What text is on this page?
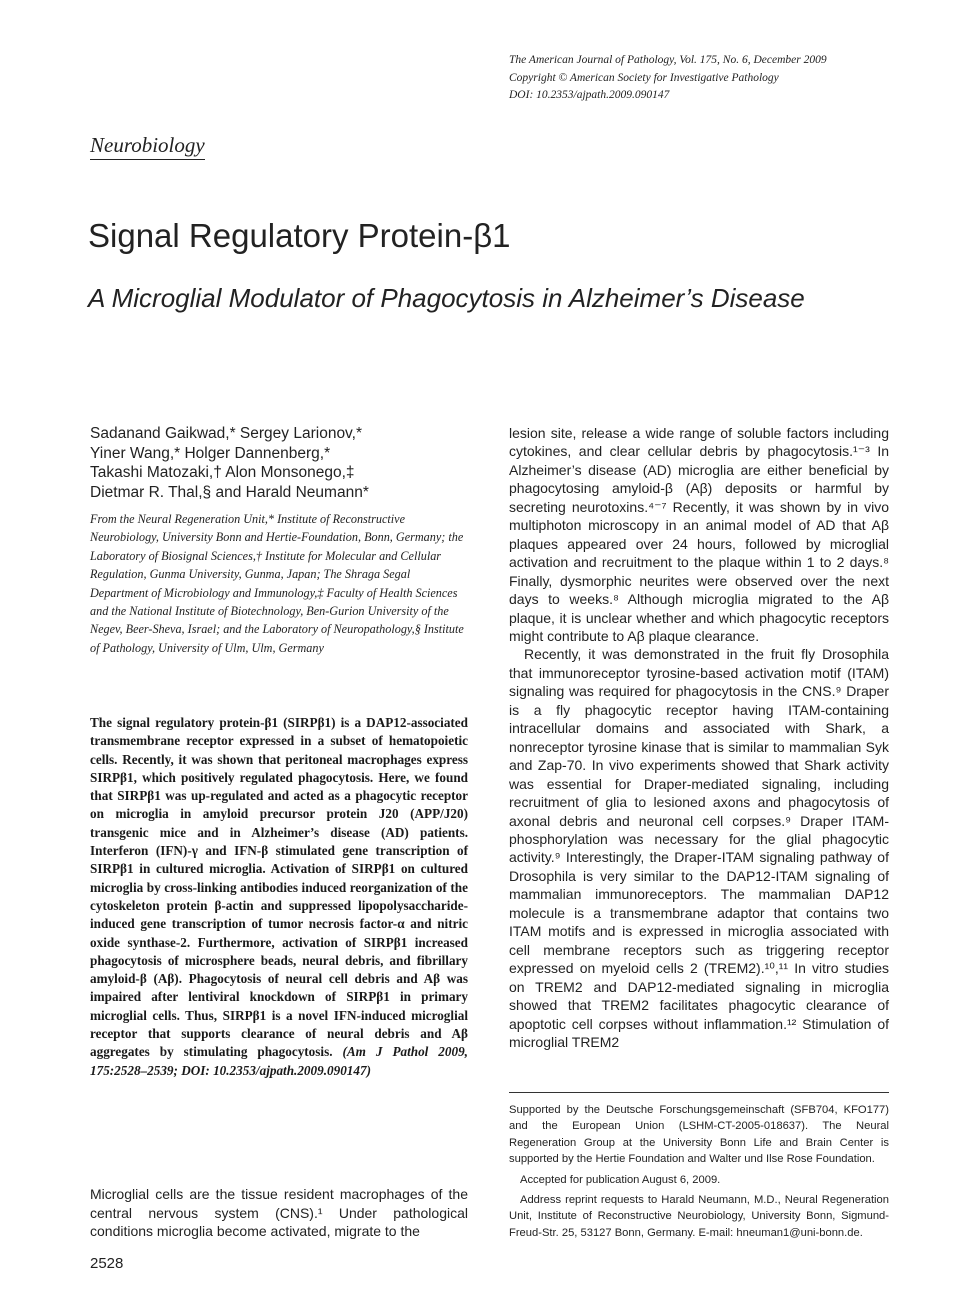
The American Journal of Pathology, Vol. 175, No. 6, December 2009
Copyright © American Society for Investigative Pathology
DOI: 10.2353/ajpath.2009.090147
Neurobiology
Signal Regulatory Protein-β1
A Microglial Modulator of Phagocytosis in Alzheimer’s Disease
Sadanand Gaikwad,* Sergey Larionov,*
Yiner Wang,* Holger Dannenberg,*
Takashi Matozaki,† Alon Monsonego,‡
Dietmar R. Thal,§ and Harald Neumann*
From the Neural Regeneration Unit,* Institute of Reconstructive Neurobiology, University Bonn and Hertie-Foundation, Bonn, Germany; the Laboratory of Biosignal Sciences,† Institute for Molecular and Cellular Regulation, Gunma University, Gunma, Japan; The Shraga Segal Department of Microbiology and Immunology,‡ Faculty of Health Sciences and the National Institute of Biotechnology, Ben-Gurion University of the Negev, Beer-Sheva, Israel; and the Laboratory of Neuropathology,§ Institute of Pathology, University of Ulm, Ulm, Germany
The signal regulatory protein-β1 (SIRPβ1) is a DAP12-associated transmembrane receptor expressed in a subset of hematopoietic cells. Recently, it was shown that peritoneal macrophages express SIRPβ1, which positively regulated phagocytosis. Here, we found that SIRPβ1 was up-regulated and acted as a phagocytic receptor on microglia in amyloid precursor protein J20 (APP/J20) transgenic mice and in Alzheimer’s disease (AD) patients. Interferon (IFN)-γ and IFN-β stimulated gene transcription of SIRPβ1 in cultured microglia. Activation of SIRPβ1 on cultured microglia by cross-linking antibodies induced reorganization of the cytoskeleton protein β-actin and suppressed lipopolysaccharide-induced gene transcription of tumor necrosis factor-α and nitric oxide synthase-2. Furthermore, activation of SIRPβ1 increased phagocytosis of microsphere beads, neural debris, and fibrillary amyloid-β (Aβ). Phagocytosis of neural cell debris and Aβ was impaired after lentiviral knockdown of SIRPβ1 in primary microglial cells. Thus, SIRPβ1 is a novel IFN-induced microglial receptor that supports clearance of neural debris and Aβ aggregates by stimulating phagocytosis. (Am J Pathol 2009, 175:2528–2539; DOI: 10.2353/ajpath.2009.090147)
Microglial cells are the tissue resident macrophages of the central nervous system (CNS).¹ Under pathological conditions microglia become activated, migrate to the
2528

lesion site, release a wide range of soluble factors including cytokines, and clear cellular debris by phagocytosis.¹⁻³ In Alzheimer’s disease (AD) microglia are either beneficial by phagocytosing amyloid-β (Aβ) deposits or harmful by secreting neurotoxins.⁴⁻⁷ Recently, it was shown by in vivo multiphoton microscopy in an animal model of AD that Aβ plaques appeared over 24 hours, followed by microglial activation and recruitment to the plaque within 1 to 2 days.⁸ Finally, dysmorphic neurites were observed over the next days to weeks.⁸ Although microglia migrated to the Aβ plaque, it is unclear whether and which phagocytic receptors might contribute to Aβ plaque clearance.

Recently, it was demonstrated in the fruit fly Drosophila that immunoreceptor tyrosine-based activation motif (ITAM) signaling was required for phagocytosis in the CNS.⁹ Draper is a fly phagocytic receptor having ITAM-containing intracellular domains and associated with Shark, a nonreceptor tyrosine kinase that is similar to mammalian Syk and Zap-70. In vivo experiments showed that Shark activity was essential for Draper-mediated signaling, including recruitment of glia to lesioned axons and phagocytosis of axonal debris and neuronal cell corpses.⁹ Draper ITAM-phosphorylation was necessary for the glial phagocytic activity.⁹ Interestingly, the Draper-ITAM signaling pathway of Drosophila is very similar to the DAP12-ITAM signaling of mammalian immunoreceptors. The mammalian DAP12 molecule is a transmembrane adaptor that contains two ITAM motifs and is expressed in microglia associated with cell membrane receptors such as triggering receptor expressed on myeloid cells 2 (TREM2).¹⁰,¹¹ In vitro studies on TREM2 and DAP12-mediated signaling in microglia showed that TREM2 facilitates phagocytic clearance of apoptotic cell corpses without inflammation.¹² Stimulation of microglial TREM2

Supported by the Deutsche Forschungsgemeinschaft (SFB704, KFO177) and the European Union (LSHM-CT-2005-018637). The Neural Regeneration Group at the University Bonn Life and Brain Center is supported by the Hertie Foundation and Walter und Ilse Rose Foundation.

Accepted for publication August 6, 2009.

Address reprint requests to Harald Neumann, M.D., Neural Regeneration Unit, Institute of Reconstructive Neurobiology, University Bonn, Sigmund-Freud-Str. 25, 53127 Bonn, Germany. E-mail: hneuman1@uni-bonn.de.
